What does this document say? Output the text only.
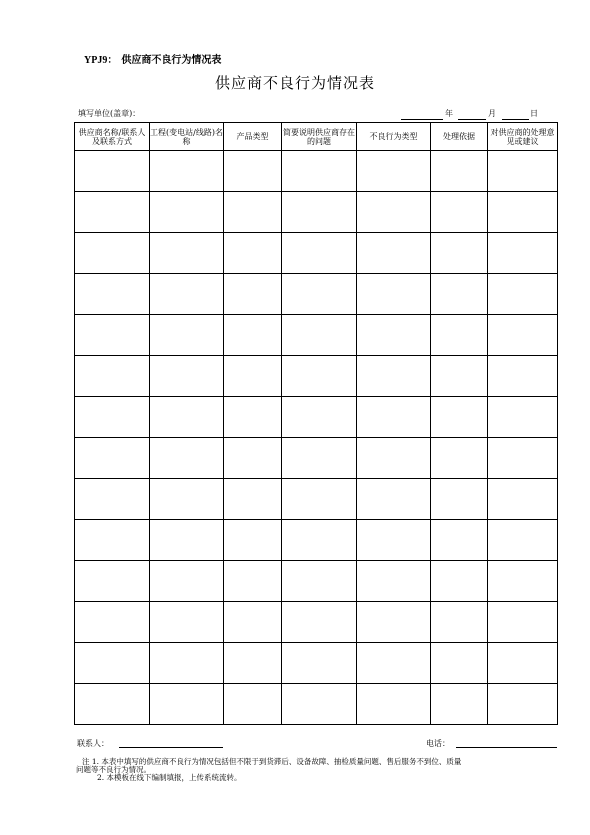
YPJ9： 供应商不良行为情况表
供应商不良行为情况表
填写单位(盖章)：	年	月	日
供应商名称/联系人及联系方式	工程(变电站/线路)名称	产品类型	简要说明供应商存在的问题	不良行为类型	处理依据	对供应商的处理意见或建议

联系人：	电话：
注 1. 本表中填写的供应商不良行为情况包括但不限于到货滞后、设备故障、抽检质量问题、售后服务不到位、质量
问题等不良行为情况。
2. 本模板在线下编制填报，上传系统流转。
